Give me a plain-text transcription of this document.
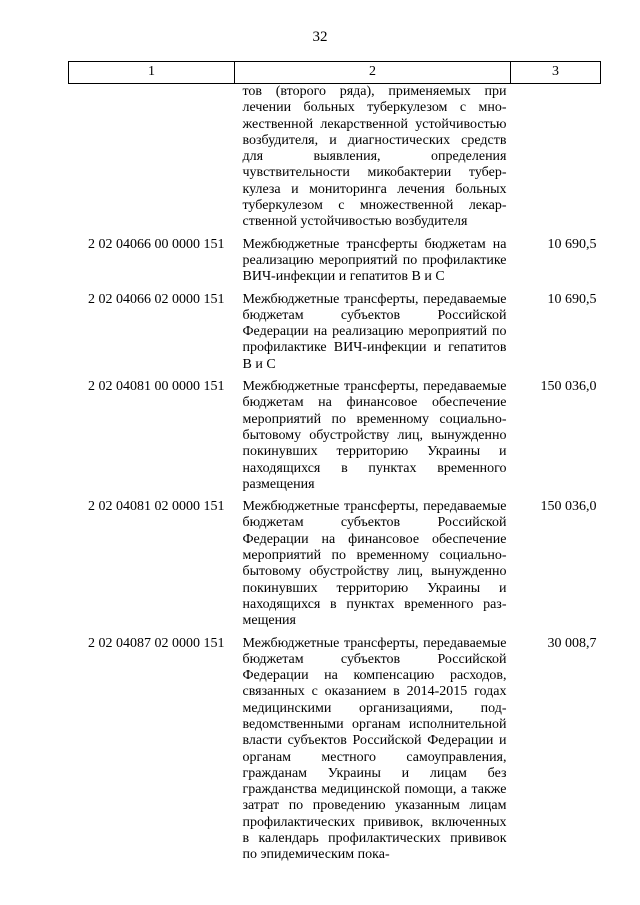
32
1	2	3
	тов (второго ряда), применяемых при лечении больных туберкулезом с множественной лекарственной устойчивостью возбудителя, и диагностических средств для выявления, определения чувствительности микобактерии туберкулеза и мониторинга лечения больных туберкулезом с множественной лекарственной устойчивостью возбудителя	
2 02 04066 00 0000 151	Межбюджетные трансферты бюджетам на реализацию мероприятий по профилактике ВИЧ-инфекции и гепатитов В и С	10 690,5
2 02 04066 02 0000 151	Межбюджетные трансферты, передаваемые бюджетам субъектов Российской Федерации на реализацию мероприятий по профилактике ВИЧ-инфекции и гепатитов В и С	10 690,5
2 02 04081 00 0000 151	Межбюджетные трансферты, передаваемые бюджетам на финансовое обеспечение мероприятий по временному социально-бытовому обустройству лиц, вынужденно покинувших территорию Украины и находящихся в пунктах временного размещения	150 036,0
2 02 04081 02 0000 151	Межбюджетные трансферты, передаваемые бюджетам субъектов Российской Федерации на финансовое обеспечение мероприятий по временному социально-бытовому обустройству лиц, вынужденно покинувших территорию Украины и находящихся в пунктах временного размещения	150 036,0
2 02 04087 02 0000 151	Межбюджетные трансферты, передаваемые бюджетам субъектов Российской Федерации на компенсацию расходов, связанных с оказанием в 2014-2015 годах медицинскими организациями, подведомственными органам исполнительной власти субъектов Российской Федерации и органам местного самоуправления, гражданам Украины и лицам без гражданства медицинской помощи, а также затрат по проведению указанным лицам профилактических прививок, включенных в календарь профилактических прививок по эпидемическим пока-	30 008,7
